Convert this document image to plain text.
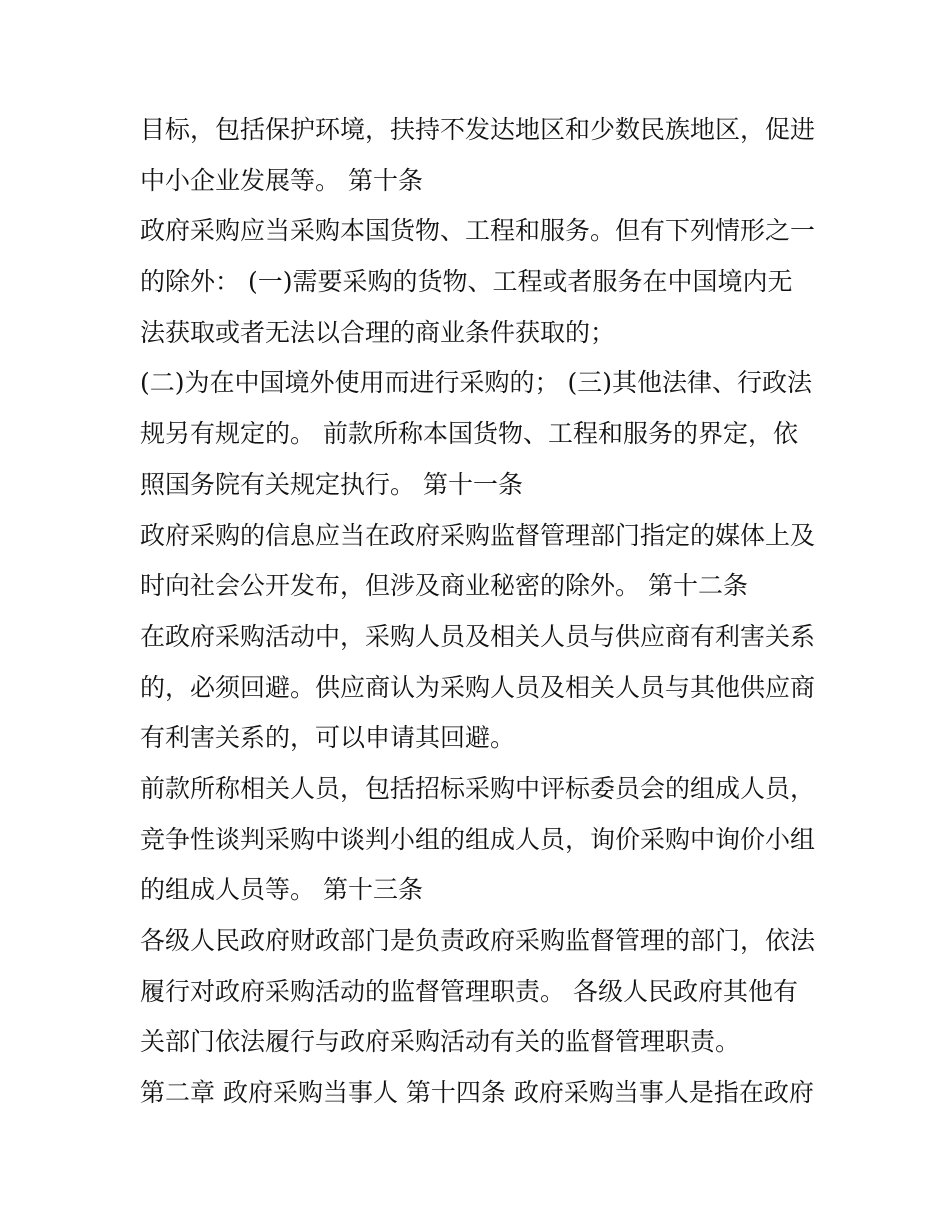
目标，包括保护环境，扶持不发达地区和少数民族地区，促进
中小企业发展等。 第十条
政府采购应当采购本国货物、工程和服务。但有下列情形之一
的除外： (一)需要采购的货物、工程或者服务在中国境内无
法获取或者无法以合理的商业条件获取的；
(二)为在中国境外使用而进行采购的； (三)其他法律、行政法
规另有规定的。 前款所称本国货物、工程和服务的界定，依
照国务院有关规定执行。 第十一条
政府采购的信息应当在政府采购监督管理部门指定的媒体上及
时向社会公开发布，但涉及商业秘密的除外。 第十二条
在政府采购活动中，采购人员及相关人员与供应商有利害关系
的，必须回避。供应商认为采购人员及相关人员与其他供应商
有利害关系的，可以申请其回避。
前款所称相关人员，包括招标采购中评标委员会的组成人员，
竞争性谈判采购中谈判小组的组成人员，询价采购中询价小组
的组成人员等。 第十三条
各级人民政府财政部门是负责政府采购监督管理的部门，依法
履行对政府采购活动的监督管理职责。 各级人民政府其他有
关部门依法履行与政府采购活动有关的监督管理职责。
第二章 政府采购当事人 第十四条 政府采购当事人是指在政府
